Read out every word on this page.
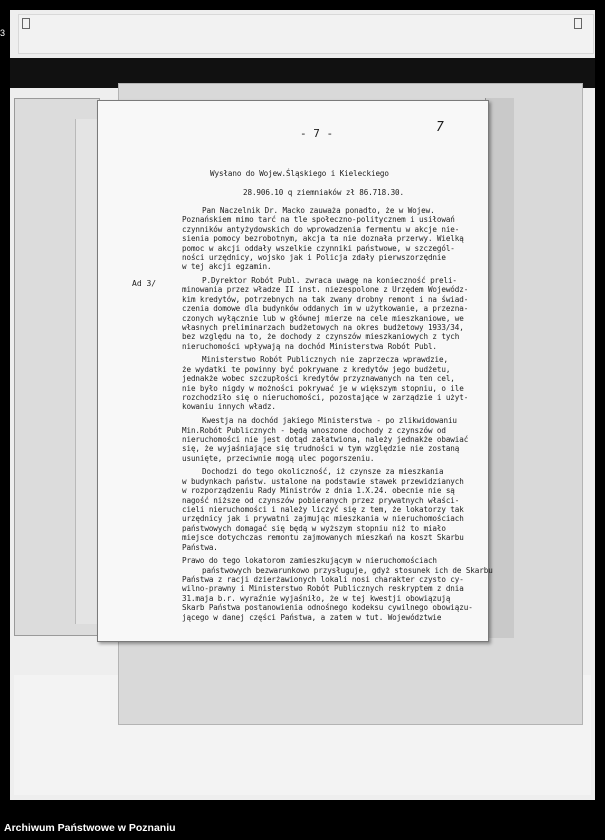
3
- 7 -	7
Ad 3/
Wysłano do Wojew.Śląskiego i Kieleckiego
28.906.10 q ziemniaków zł 86.718.30.
Pan Naczelnik Dr. Macko zauważa ponadto, że w Wojew.
Poznańskiem mimo tarć na tle społeczno-politycznem i usiłowań
czynników antyżydowskich do wprowadzenia fermentu w akcje nie-
sienia pomocy bezrobotnym, akcja ta nie doznała przerwy. Wielką
pomoc w akcji oddały wszelkie czynniki państwowe, w szczegól-
ności urzędnicy, wojsko jak i Policja zdały pierwszorzędnie
w tej akcji egzamin.
P.Dyrektor Robót Publ. zwraca uwagę na konieczność preli-
minowania przez władze II inst. niezespolone z Urzędem Wojewódz-
kim kredytów, potrzebnych na tak zwany drobny remont i na świad-
czenia domowe dla budynków oddanych im w użytkowanie, a przezna-
czonych wyłącznie lub w głównej mierze na cele mieszkaniowe, we
własnych preliminarzach budżetowych na okres budżetowy 1933/34,
bez względu na to, że dochody z czynszów mieszkaniowych z tych
nieruchomości wpływają na dochód Ministerstwa Robót Publ.
Ministerstwo Robót Publicznych nie zaprzecza wprawdzie,
że wydatki te powinny być pokrywane z kredytów jego budżetu,
jednakże wobec szczupłości kredytów przyznawanych na ten cel,
nie było nigdy w możności pokrywać je w większym stopniu, o ile
rozchodziło się o nieruchomości, pozostające w zarządzie i użyt-
kowaniu innych władz.
Kwestja na dochód jakiego Ministerstwa - po zlikwidowaniu
Min.Robót Publicznych - będą wnoszone dochody z czynszów od
nieruchomości nie jest dotąd załatwiona, należy jednakże obawiać
się, że wyjaśniające się trudności w tym względzie nie zostaną
usunięte, przeciwnie mogą ulec pogorszeniu.
Dochodzi do tego okoliczność, iż czynsze za mieszkania
w budynkach państw. ustalone na podstawie stawek przewidzianych
w rozporządzeniu Rady Ministrów z dnia 1.X.24. obecnie nie są
nagość niższe od czynszów pobieranych przez prywatnych właści-
cieli nieruchomości i należy liczyć się z tem, że lokatorzy tak
urzędnicy jak i prywatni zajmując mieszkania w nieruchomościach
państwowych domagać się będą w wyższym stopniu niż to miało
miejsce dotychczas remontu zajmowanych mieszkań na koszt Skarbu
Państwa.
Prawo do tego lokatorom zamieszkującym w nieruchomościach
państwowych bezwarunkowo przysługuje, gdyż stosunek ich de Skarbu
Państwa z racji dzierżawionych lokali nosi charakter czysto cy-
wilno-prawny i Ministerstwo Robót Publicznych reskryptem z dnia
31.maja b.r. wyraźnie wyjaśniło, że w tej kwestji obowiązują
Skarb Państwa postanowienia odnośnego kodeksu cywilnego obowiązu-
jącego w danej części Państwa, a zatem w tut. Województwie
Archiwum Państwowe w Poznaniu
